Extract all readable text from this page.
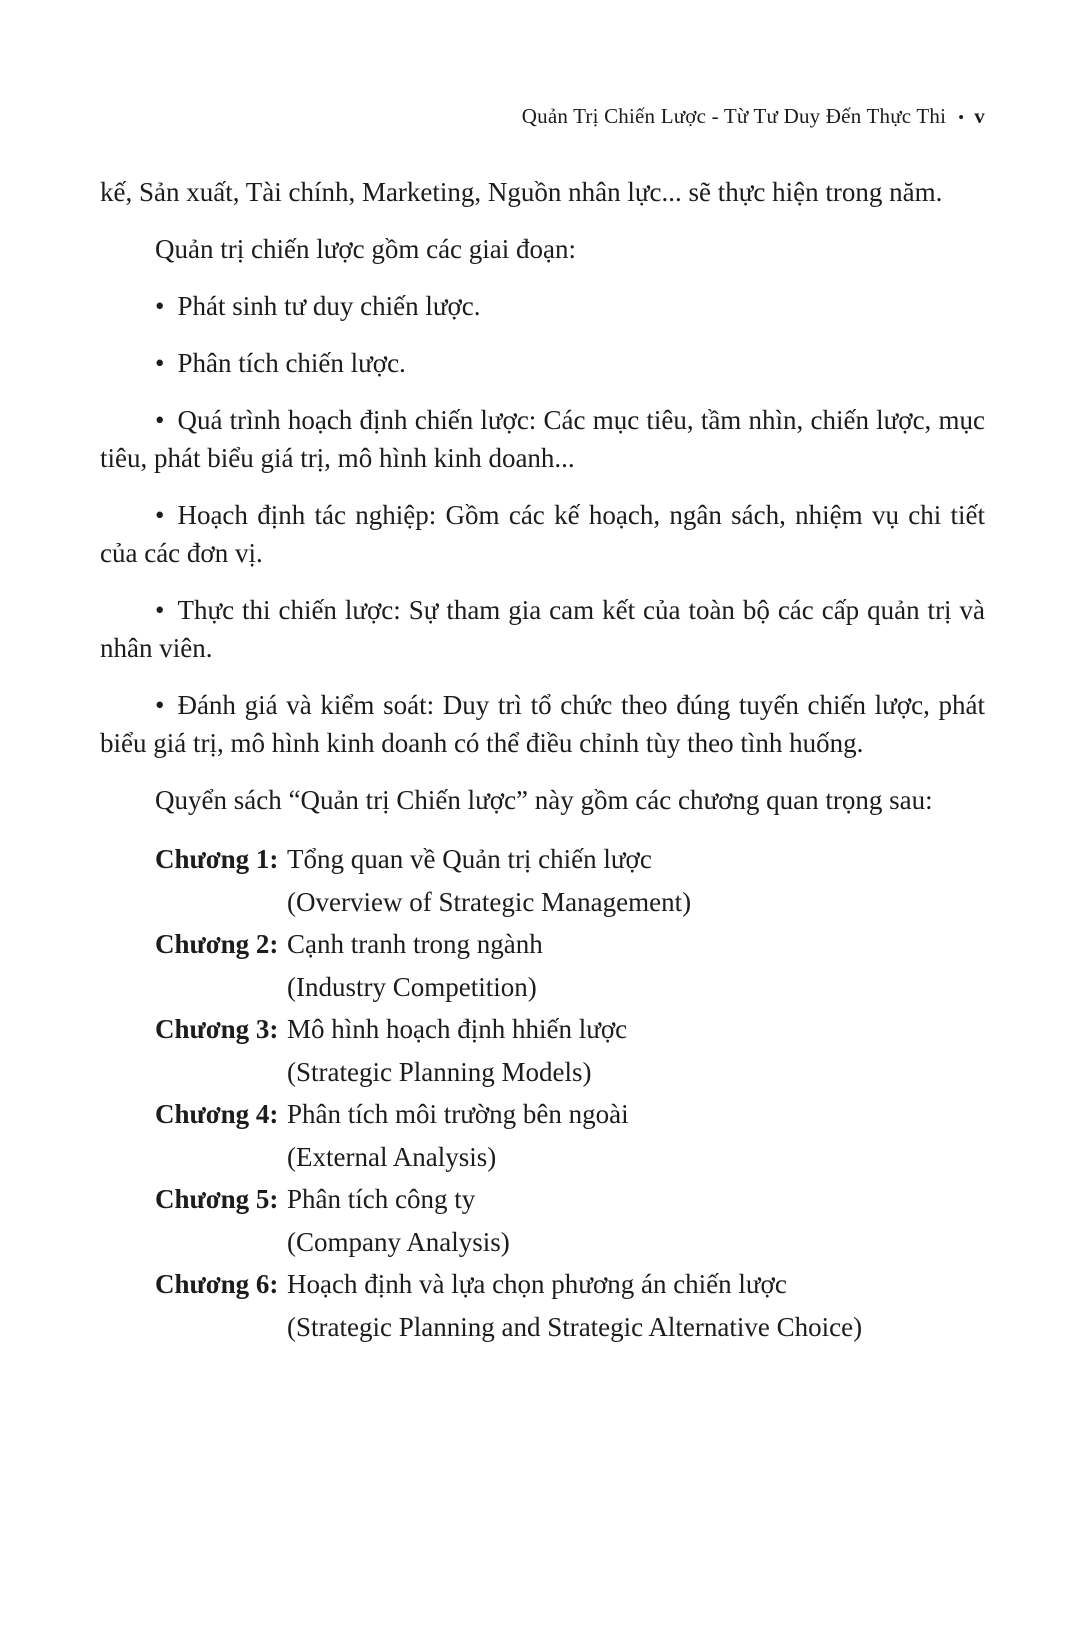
Quản Trị Chiến Lược - Từ Tư Duy Đến Thực Thi • v

kế, Sản xuất, Tài chính, Marketing, Nguồn nhân lực... sẽ thực hiện trong năm.

Quản trị chiến lược gồm các giai đoạn:

• Phát sinh tư duy chiến lược.

• Phân tích chiến lược.

• Quá trình hoạch định chiến lược: Các mục tiêu, tầm nhìn, chiến lược, mục tiêu, phát biểu giá trị, mô hình kinh doanh...

• Hoạch định tác nghiệp: Gồm các kế hoạch, ngân sách, nhiệm vụ chi tiết của các đơn vị.

• Thực thi chiến lược: Sự tham gia cam kết của toàn bộ các cấp quản trị và nhân viên.

• Đánh giá và kiểm soát: Duy trì tổ chức theo đúng tuyến chiến lược, phát biểu giá trị, mô hình kinh doanh có thể điều chỉnh tùy theo tình huống.

Quyển sách “Quản trị Chiến lược” này gồm các chương quan trọng sau:

Chương 1: Tổng quan về Quản trị chiến lược
(Overview of Strategic Management)
Chương 2: Cạnh tranh trong ngành
(Industry Competition)
Chương 3: Mô hình hoạch định hhiến lược
(Strategic Planning Models)
Chương 4: Phân tích môi trường bên ngoài
(External Analysis)
Chương 5: Phân tích công ty
(Company Analysis)
Chương 6: Hoạch định và lựa chọn phương án chiến lược
(Strategic Planning and Strategic Alternative Choice)
